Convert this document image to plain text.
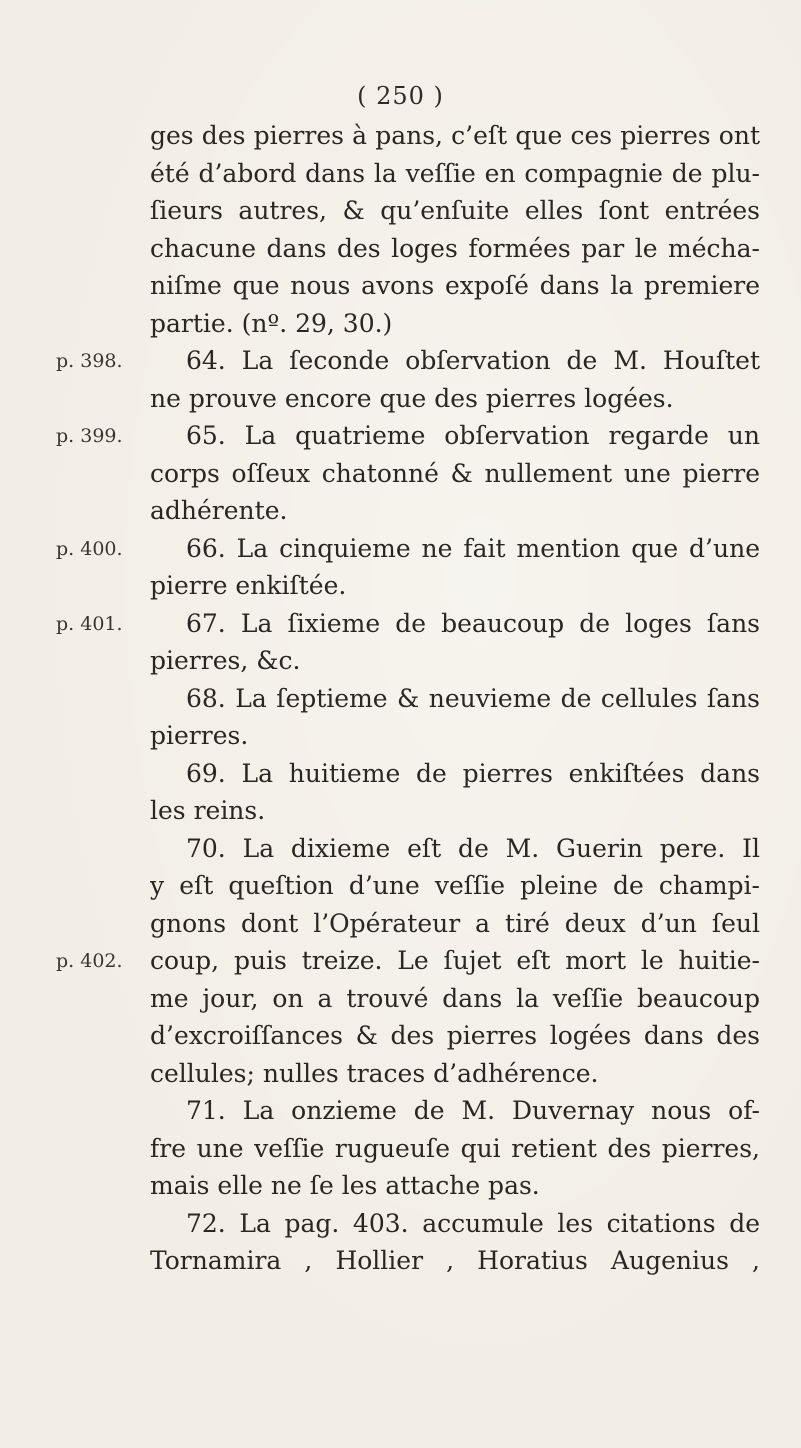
( 250 )
ges des pierres à pans, c’eſt que ces pierres ont
été d’abord dans la veſſie en compagnie de plu-
ſieurs autres, & qu’enſuite elles ſont entrées
chacune dans des loges formées par le mécha-
niſme que nous avons expoſé dans la premiere
partie. (nº. 29, 30.)
64. La ſeconde obſervation de M. Houſtet
ne prouve encore que des pierres logées.
65. La quatrieme obſervation regarde un
corps oſſeux chatonné & nullement une pierre
adhérente.
66. La cinquieme ne fait mention que d’une
pierre enkiſtée.
67. La ſixieme de beaucoup de loges ſans
pierres, &c.
68. La ſeptieme & neuvieme de cellules ſans
pierres.
69. La huitieme de pierres enkiſtées dans
les reins.
70. La dixieme eſt de M. Guerin pere. Il
y eſt queſtion d’une veſſie pleine de champi-
gnons dont l’Opérateur a tiré deux d’un ſeul
coup, puis treize. Le ſujet eſt mort le huitie-
me jour, on a trouvé dans la veſſie beaucoup
d’excroiſſances & des pierres logées dans des
cellules; nulles traces d’adhérence.
71. La onzieme de M. Duvernay nous of-
fre une veſſie rugueuſe qui retient des pierres,
mais elle ne ſe les attache pas.
72. La pag. 403. accumule les citations de
Tornamira , Hollier , Horatius Augenius ,
p. 398.
p. 399.
p. 400.
p. 401.
p. 402.
